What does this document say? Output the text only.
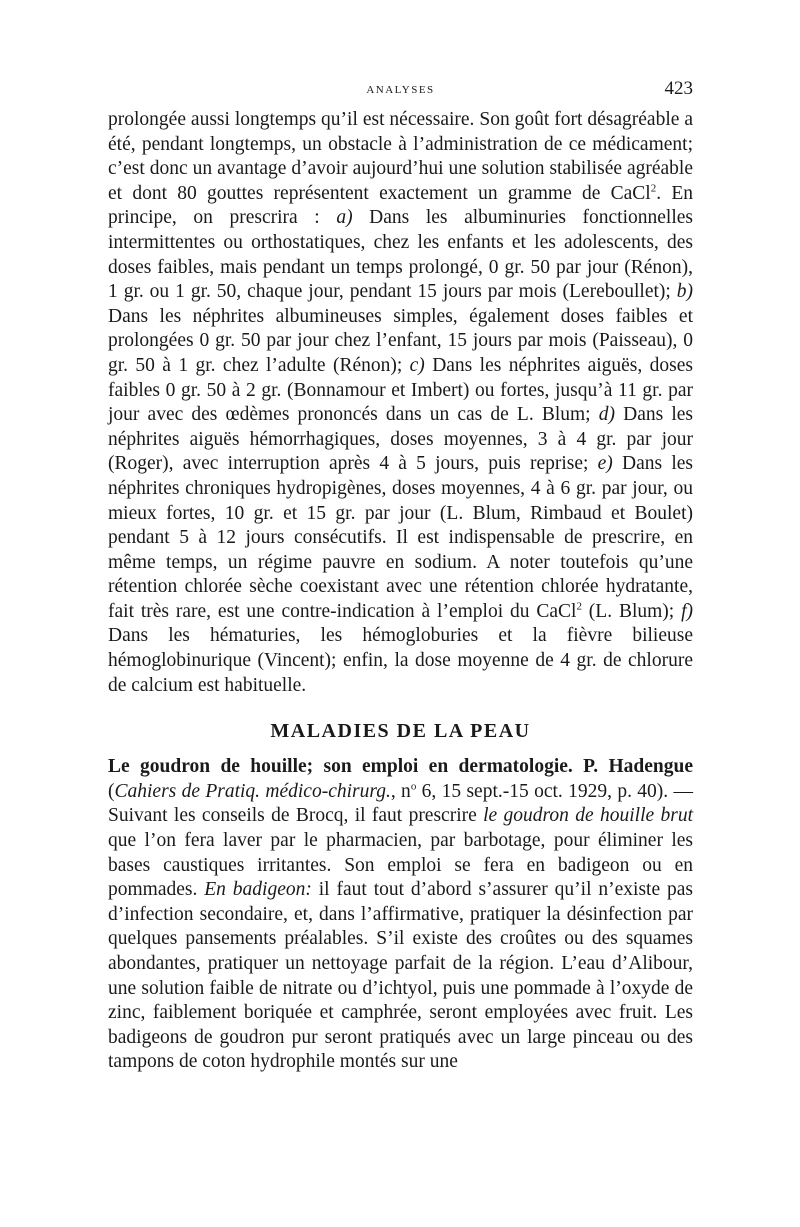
ANALYSES	423

prolongée aussi longtemps qu’il est nécessaire. Son goût fort désagréable a été, pendant longtemps, un obstacle à l’administration de ce médicament; c’est donc un avantage d’avoir aujourd’hui une solution stabilisée agréable et dont 80 gouttes représentent exactement un gramme de CaCl$^2$. En principe, on prescrira : a) Dans les albuminuries fonctionnelles intermittentes ou orthostatiques, chez les enfants et les adolescents, des doses faibles, mais pendant un temps prolongé, 0 gr. 50 par jour (Rénon), 1 gr. ou 1 gr. 50, chaque jour, pendant 15 jours par mois (Lereboullet); b) Dans les néphrites albumineuses simples, également doses faibles et prolongées 0 gr. 50 par jour chez l’enfant, 15 jours par mois (Paisseau), 0 gr. 50 à 1 gr. chez l’adulte (Rénon); c) Dans les néphrites aiguës, doses faibles 0 gr. 50 à 2 gr. (Bonnamour et Imbert) ou fortes, jusqu’à 11 gr. par jour avec des œdèmes prononcés dans un cas de L. Blum; d) Dans les néphrites aiguës hémorrhagiques, doses moyennes, 3 à 4 gr. par jour (Roger), avec interruption après 4 à 5 jours, puis reprise; e) Dans les néphrites chroniques hydropigènes, doses moyennes, 4 à 6 gr. par jour, ou mieux fortes, 10 gr. et 15 gr. par jour (L. Blum, Rimbaud et Boulet) pendant 5 à 12 jours consécutifs. Il est indispensable de prescrire, en même temps, un régime pauvre en sodium. A noter toutefois qu’une rétention chlorée sèche coexistant avec une rétention chlorée hydratante, fait très rare, est une contre-indication à l’emploi du CaCl$^2$ (L. Blum); f) Dans les hématuries, les hémogloburies et la fièvre bilieuse hémoglobinurique (Vincent); enfin, la dose moyenne de 4 gr. de chlorure de calcium est habituelle.

MALADIES DE LA PEAU

Le goudron de houille; son emploi en dermatologie. P. Hadengue (Cahiers de Pratiq. médico-chirurg., $n^o$ 6, 15 sept.-15 oct. 1929, p. 40). — Suivant les conseils de Brocq, il faut prescrire le goudron de houille brut que l’on fera laver par le pharmacien, par barbotage, pour éliminer les bases caustiques irritantes. Son emploi se fera en badigeon ou en pommades. En badigeon: il faut tout d’abord s’assurer qu’il n’existe pas d’infection secondaire, et, dans l’affirmative, pratiquer la désinfection par quelques pansements préalables. S’il existe des croûtes ou des squames abondantes, pratiquer un nettoyage parfait de la région. L’eau d’Alibour, une solution faible de nitrate ou d’ichtyol, puis une pommade à l’oxyde de zinc, faiblement boriquée et camphrée, seront employées avec fruit. Les badigeons de goudron pur seront pratiqués avec un large pinceau ou des tampons de coton hydrophile montés sur une
